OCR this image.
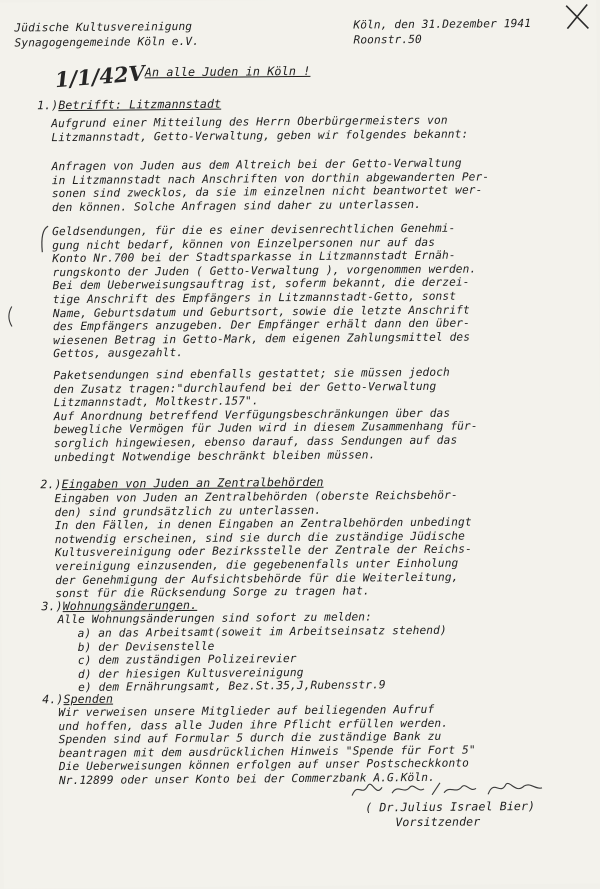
Jüdische Kultusvereinigung
Synagogengemeinde Köln e.V.
Köln, den 31.Dezember 1941
Roonstr.50
1/1/42V
An alle Juden in Köln !
1.)Betrifft: Litzmannstadt
Aufgrund einer Mitteilung des Herrn Oberbürgermeisters von
Litzmannstadt, Getto-Verwaltung, geben wir folgendes bekannt:
Anfragen von Juden aus dem Altreich bei der Getto-Verwaltung
in Litzmannstadt nach Anschriften von dorthin abgewanderten Per-
sonen sind zwecklos, da sie im einzelnen nicht beantwortet wer-
den können. Solche Anfragen sind daher zu unterlassen.
Geldsendungen, für die es einer devisenrechtlichen Genehmi-
gung nicht bedarf, können von Einzelpersonen nur auf das
Konto Nr.700 bei der Stadtsparkasse in Litzmannstadt Ernäh-
rungskonto der Juden ( Getto-Verwaltung ), vorgenommen werden.
Bei dem Ueberweisungsauftrag ist, soferm bekannt, die derzei-
tige Anschrift des Empfängers in Litzmannstadt-Getto, sonst
Name, Geburtsdatum und Geburtsort, sowie die letzte Anschrift
des Empfängers anzugeben. Der Empfänger erhält dann den über-
wiesenen Betrag in Getto-Mark, dem eigenen Zahlungsmittel des
Gettos, ausgezahlt.
Paketsendungen sind ebenfalls gestattet; sie müssen jedoch
den Zusatz tragen:"durchlaufend bei der Getto-Verwaltung
Litzmannstadt, Moltkestr.157".
Auf Anordnung betreffend Verfügungsbeschränkungen über das
bewegliche Vermögen für Juden wird in diesem Zusammenhang für-
sorglich hingewiesen, ebenso darauf, dass Sendungen auf das
unbedingt Notwendige beschränkt bleiben müssen.
2.)Eingaben von Juden an Zentralbehörden
Eingaben von Juden an Zentralbehörden (oberste Reichsbehör-
den) sind grundsätzlich zu unterlassen.
In den Fällen, in denen Eingaben an Zentralbehörden unbedingt
notwendig erscheinen, sind sie durch die zuständige Jüdische
Kultusvereinigung oder Bezirksstelle der Zentrale der Reichs-
vereinigung einzusenden, die gegebenenfalls unter Einholung
der Genehmigung der Aufsichtsbehörde für die Weiterleitung,
sonst für die Rücksendung Sorge zu tragen hat.
3.)Wohnungsänderungen.
Alle Wohnungsänderungen sind sofort zu melden:
a) an das Arbeitsamt(soweit im Arbeitseinsatz stehend)
b) der Devisenstelle
c) dem zuständigen Polizeirevier
d) der hiesigen Kultusvereinigung
e) dem Ernährungsamt, Bez.St.35,J,Rubensstr.9
4.)Spenden
Wir verweisen unsere Mitglieder auf beiliegenden Aufruf
und hoffen, dass alle Juden ihre Pflicht erfüllen werden.
Spenden sind auf Formular 5 durch die zuständige Bank zu
beantragen mit dem ausdrücklichen Hinweis "Spende für Fort 5"
Die Ueberweisungen können erfolgen auf unser Postscheckkonto
Nr.12899 oder unser Konto bei der Commerzbank A.G.Köln.
( Dr.Julius Israel Bier)
Vorsitzender
